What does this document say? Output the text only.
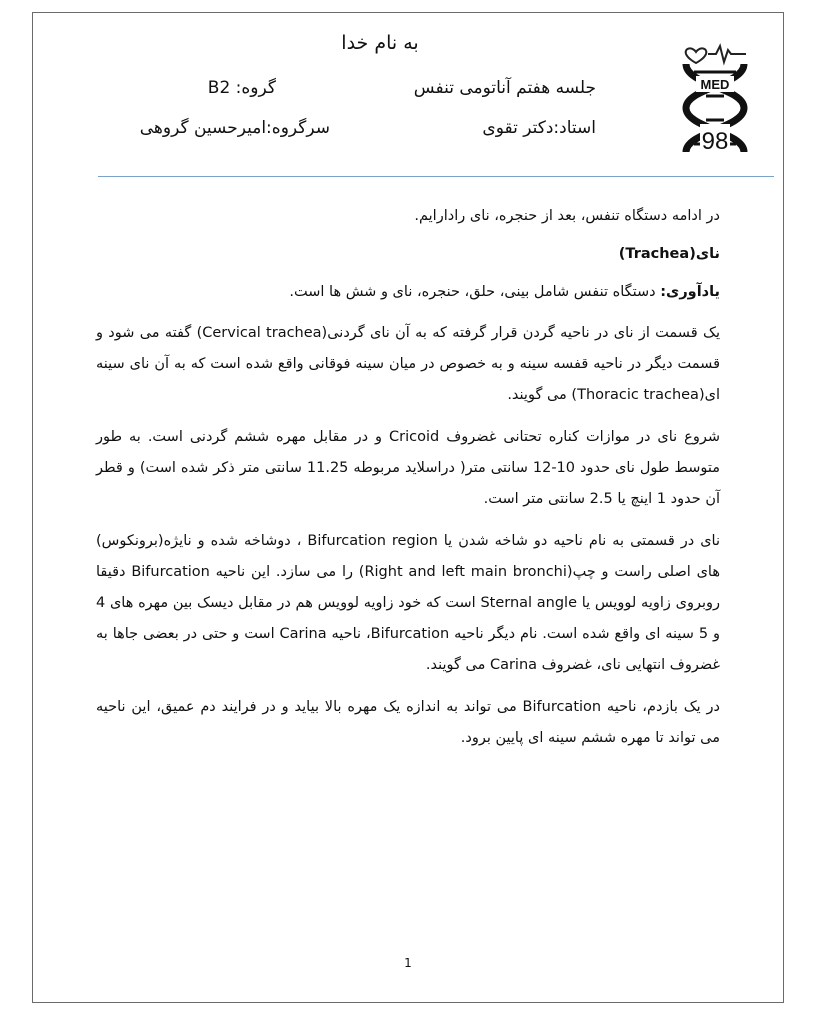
به نام خدا
جلسه هفتم آناتومی تنفس
گروه: B2
استاد:دکتر تقوی
سرگروه:امیرحسین گروهی
MED
98

در ادامه دستگاه تنفس، بعد از حنجره، نای رادارایم.

نای(Trachea)

یادآوری: دستگاه تنفس شامل بینی، حلق، حنجره، نای و شش ها است.

یک قسمت از نای در ناحیه گردن قرار گرفته که به آن نای گردنی(Cervical trachea) گفته می شود و قسمت دیگر در ناحیه قفسه سینه و به خصوص در میان سینه فوقانی واقع شده است که به آن نای سینه ای(Thoracic trachea) می گویند.

شروع نای در موازات کناره تحتانی غضروف Cricoid و در مقابل مهره ششم گردنی است. به طور متوسط طول نای حدود 10-12 سانتی متر( دراسلاید مربوطه 11.25 سانتی متر ذکر شده است) و قطر آن حدود 1 اینچ یا 2.5 سانتی متر است.

نای در قسمتی به نام ناحیه دو شاخه شدن یا Bifurcation region ، دوشاخه شده و نایژه(برونکوس) های اصلی راست و چپ(Right and left main bronchi) را می سازد. این ناحیه Bifurcation دقیقا روبروی زاویه لوویس یا Sternal angle است که خود زاویه لوویس هم در مقابل دیسک بین مهره های 4 و 5 سینه ای واقع شده است. نام دیگر ناحیه Bifurcation، ناحیه Carina است و حتی در بعضی جاها به غضروف انتهایی نای، غضروف Carina می گویند.

در یک بازدم، ناحیه Bifurcation می تواند به اندازه یک مهره بالا بیاید و در فرایند دم عمیق، این ناحیه می تواند تا مهره ششم سینه ای پایین برود.

1
